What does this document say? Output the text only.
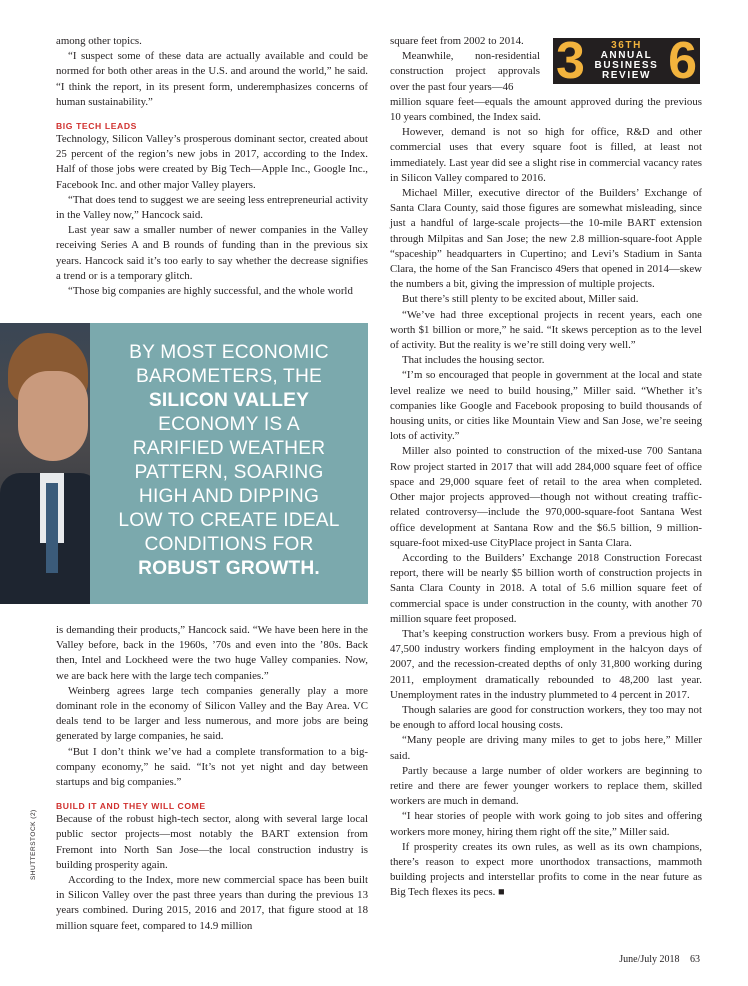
among other topics.

“I suspect some of these data are actually available and could be normed for both other areas in the U.S. and around the world,” he said. “I think the report, in its present form, underemphasizes concerns of human sustainability.”

BIG TECH LEADS

Technology, Silicon Valley’s prosperous dominant sector, created about 25 percent of the region’s new jobs in 2017, according to the Index. Half of those jobs were created by Big Tech—Apple Inc., Google Inc., Facebook Inc. and other major Valley players.

“That does tend to suggest we are seeing less entrepreneurial activity in the Valley now,” Hancock said.

Last year saw a smaller number of newer companies in the Valley receiving Series A and B rounds of funding than in the previous six years. Hancock said it’s too early to say whether the decrease signifies a trend or is a temporary glitch.

“Those big companies are highly successful, and the whole world

BY MOST ECONOMIC
BAROMETERS, THE
SILICON VALLEY
ECONOMY IS A
RARIFIED WEATHER
PATTERN, SOARING
HIGH AND DIPPING
LOW TO CREATE IDEAL
CONDITIONS FOR
ROBUST GROWTH.

is demanding their products,” Hancock said. “We have been here in the Valley before, back in the 1960s, ’70s and even into the ’80s. Back then, Intel and Lockheed were the two huge Valley companies. Now, we are back here with the large tech companies.”

Weinberg agrees large tech companies generally play a more dominant role in the economy of Silicon Valley and the Bay Area. VC deals tend to be larger and less numerous, and more jobs are being generated by large companies, he said.

“But I don’t think we’ve had a complete transformation to a big-company economy,” he said. “It’s not yet night and day between startups and big companies.”

BUILD IT AND THEY WILL COME

Because of the robust high-tech sector, along with several large local public sector projects—most notably the BART extension from Fremont into North San Jose—the local construction industry is building prosperity again.

According to the Index, more new commercial space has been built in Silicon Valley over the past three years than during the previous 13 years combined. During 2015, 2016 and 2017, that figure stood at 18 million square feet, compared to 14.9 million

3 6
36TH
ANNUAL
BUSINESS
REVIEW

square feet from 2002 to 2014.

Meanwhile, non-residential construction project approvals over the past four years—46

million square feet—equals the amount approved during the previous 10 years combined, the Index said.

However, demand is not so high for office, R&D and other commercial uses that every square foot is filled, at least not immediately. Last year did see a slight rise in commercial vacancy rates in Silicon Valley compared to 2016.

Michael Miller, executive director of the Builders’ Exchange of Santa Clara County, said those figures are somewhat misleading, since just a handful of large-scale projects—the 10-mile BART extension through Milpitas and San Jose; the new 2.8 million-square-foot Apple “spaceship” headquarters in Cupertino; and Levi’s Stadium in Santa Clara, the home of the San Francisco 49ers that opened in 2014—skew the numbers a bit, giving the impression of multiple projects.

But there’s still plenty to be excited about, Miller said.

“We’ve had three exceptional projects in recent years, each one worth $1 billion or more,” he said. “It skews perception as to the level of activity. But the reality is we’re still doing very well.”

That includes the housing sector.

“I’m so encouraged that people in government at the local and state level realize we need to build housing,” Miller said. “Whether it’s companies like Google and Facebook proposing to build thousands of housing units, or cities like Mountain View and San Jose, we’re seeing lots of activity.”

Miller also pointed to construction of the mixed-use 700 Santana Row project started in 2017 that will add 284,000 square feet of office space and 29,000 square feet of retail to the area when completed. Other major projects approved—though not without creating traffic-related controversy—include the 970,000-square-foot Santana West office development at Santana Row and the $6.5 billion, 9 million-square-foot mixed-use CityPlace project in Santa Clara.

According to the Builders’ Exchange 2018 Construction Forecast report, there will be nearly $5 billion worth of construction projects in Santa Clara County in 2018. A total of 5.6 million square feet of commercial space is under construction in the county, with another 70 million square feet proposed.

That’s keeping construction workers busy. From a previous high of 47,500 industry workers finding employment in the halcyon days of 2007, and the recession-created depths of only 31,800 working during 2011, employment dramatically rebounded to 48,200 last year. Unemployment rates in the industry plummeted to 4 percent in 2017.

Though salaries are good for construction workers, they too may not be enough to afford local housing costs.

“Many people are driving many miles to get to jobs here,” Miller said.

Partly because a large number of older workers are beginning to retire and there are fewer younger workers to replace them, skilled workers are much in demand.

“I hear stories of people with work going to job sites and offering workers more money, hiring them right off the site,” Miller said.

If prosperity creates its own rules, as well as its own champions, there’s reason to expect more unorthodox transactions, mammoth building projects and interstellar profits to come in the near future as Big Tech flexes its pecs. ■

SHUTTERSTOCK (2)
June/July 2018 63
